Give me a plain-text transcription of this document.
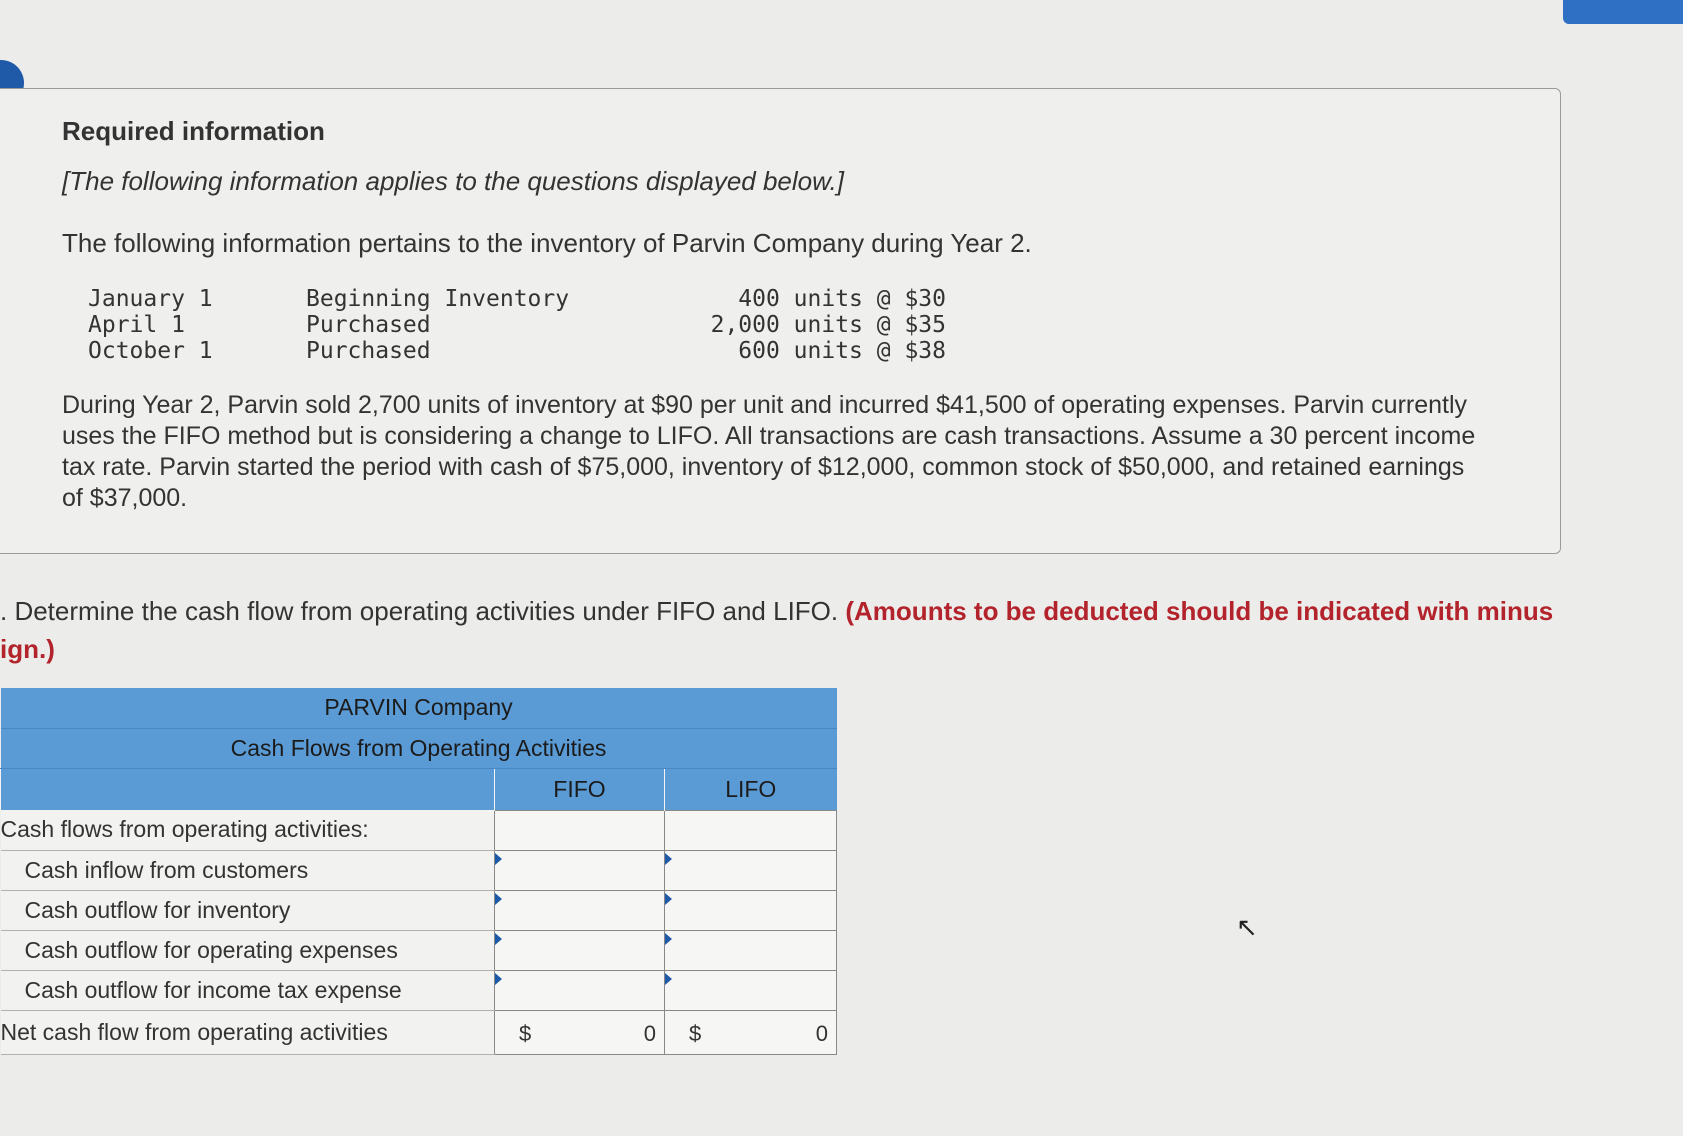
Required information
[The following information applies to the questions displayed below.]
The following information pertains to the inventory of Parvin Company during Year 2.
January 1	Beginning Inventory	400 units @ $30
April 1	Purchased	2,000 units @ $35
October 1	Purchased	600 units @ $38
During Year 2, Parvin sold 2,700 units of inventory at $90 per unit and incurred $41,500 of operating expenses. Parvin currently uses the FIFO method but is considering a change to LIFO. All transactions are cash transactions. Assume a 30 percent income tax rate. Parvin started the period with cash of $75,000, inventory of $12,000, common stock of $50,000, and retained earnings of $37,000.
. Determine the cash flow from operating activities under FIFO and LIFO. (Amounts to be deducted should be indicated with minus
ign.)
PARVIN Company		
Cash Flows from Operating Activities		
	FIFO	LIFO
Cash flows from operating activities:		
Cash inflow from customers		
Cash outflow for inventory		
Cash outflow for operating expenses		
Cash outflow for income tax expense		
Net cash flow from operating activities	$ 0	$ 0
↖
